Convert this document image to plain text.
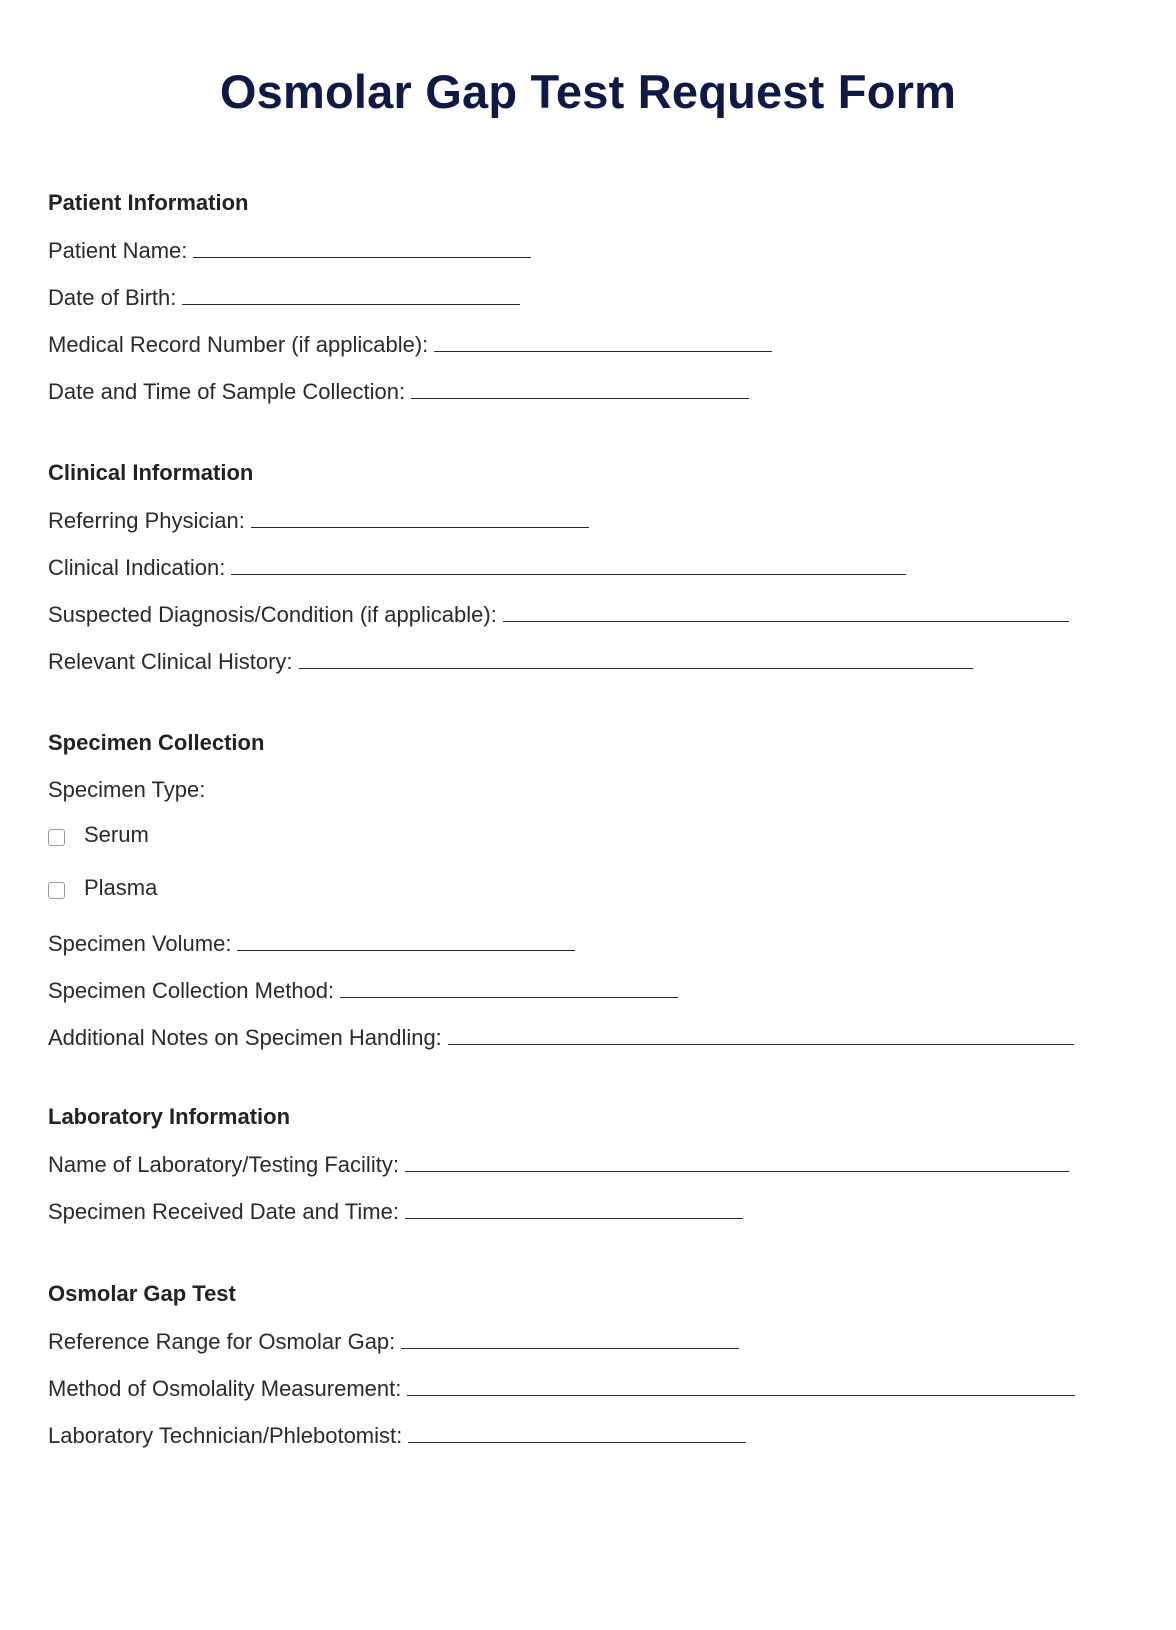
Osmolar Gap Test Request Form
Patient Information
Patient Name:
Date of Birth:
Medical Record Number (if applicable):
Date and Time of Sample Collection:
Clinical Information
Referring Physician:
Clinical Indication:
Suspected Diagnosis/Condition (if applicable):
Relevant Clinical History:
Specimen Collection
Specimen Type:
Serum
Plasma
Specimen Volume:
Specimen Collection Method:
Additional Notes on Specimen Handling:
Laboratory Information
Name of Laboratory/Testing Facility:
Specimen Received Date and Time:
Osmolar Gap Test
Reference Range for Osmolar Gap:
Method of Osmolality Measurement:
Laboratory Technician/Phlebotomist:
